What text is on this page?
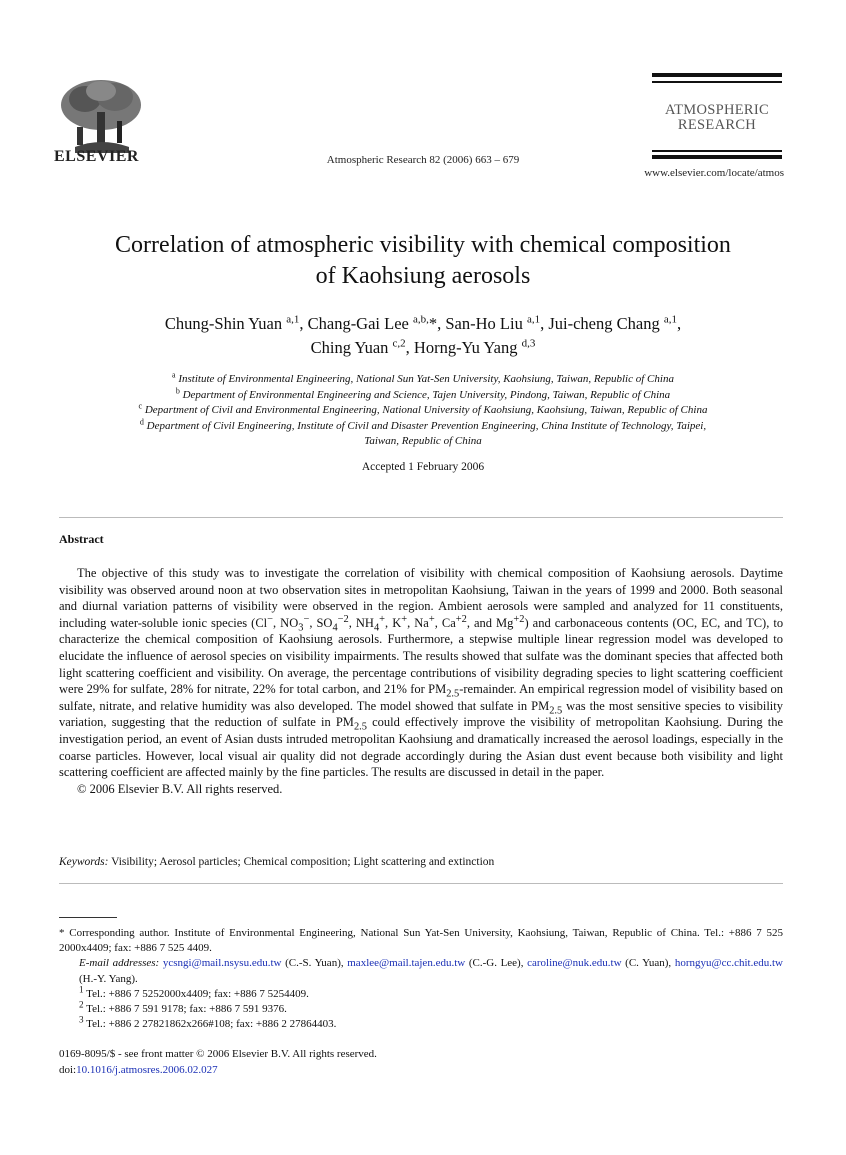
ELSEVIER	Atmospheric Research 82 (2006) 663 – 679
ATMOSPHERIC
RESEARCH
www.elsevier.com/locate/atmos
Correlation of atmospheric visibility with chemical composition
of Kaohsiung aerosols
Chung-Shin Yuan $^{a,1}$, Chang-Gai Lee $^{a,b,}$*, San-Ho Liu $^{a,1}$, Jui-cheng Chang $^{a,1}$,
Ching Yuan $^{c,2}$, Horng-Yu Yang $^{d,3}$
$^a$ Institute of Environmental Engineering, National Sun Yat-Sen University, Kaohsiung, Taiwan, Republic of China
$^b$ Department of Environmental Engineering and Science, Tajen University, Pindong, Taiwan, Republic of China
$^c$ Department of Civil and Environmental Engineering, National University of Kaohsiung, Kaohsiung, Taiwan, Republic of China
$^d$ Department of Civil Engineering, Institute of Civil and Disaster Prevention Engineering, China Institute of Technology, Taipei,
Taiwan, Republic of China
Accepted 1 February 2006
Abstract

The objective of this study was to investigate the correlation of visibility with chemical composition of Kaohsiung aerosols. Daytime visibility was observed around noon at two observation sites in metropolitan Kaohsiung, Taiwan in the years of 1999 and 2000. Both seasonal and diurnal variation patterns of visibility were observed in the region. Ambient aerosols were sampled and analyzed for 11 constituents, including water-soluble ionic species (Cl−, $NO_3^-$, $SO_4^{-2}$, $NH_4^+$, K+, Na+, $Ca^{+2}$, and $Mg^{+2}$) and carbonaceous contents (OC, EC, and TC), to characterize the chemical composition of Kaohsiung aerosols. Furthermore, a stepwise multiple linear regression model was developed to elucidate the influence of aerosol species on visibility impairments. The results showed that sulfate was the dominant species that affected both light scattering coefficient and visibility. On average, the percentage contributions of visibility degrading species to light scattering coefficient were 29% for sulfate, 28% for nitrate, 22% for total carbon, and 21% for $PM_{2.5}$-remainder. An empirical regression model of visibility based on sulfate, nitrate, and relative humidity was also developed. The model showed that sulfate in $PM_{2.5}$ was the most sensitive species to visibility variation, suggesting that the reduction of sulfate in $PM_{2.5}$ could effectively improve the visibility of metropolitan Kaohsiung. During the investigation period, an event of Asian dusts intruded metropolitan Kaohsiung and dramatically increased the aerosol loadings, especially in the coarse particles. However, local visual air quality did not degrade accordingly during the Asian dust event because both visibility and light scattering coefficient are affected mainly by the fine particles. The results are discussed in detail in the paper.

© 2006 Elsevier B.V. All rights reserved.

Keywords: Visibility; Aerosol particles; Chemical composition; Light scattering and extinction

* Corresponding author. Institute of Environmental Engineering, National Sun Yat-Sen University, Kaohsiung, Taiwan, Republic of China. Tel.: +886 7 525 2000x4409; fax: +886 7 525 4409.

E-mail addresses: ycsngi@mail.nsysu.edu.tw (C.-S. Yuan), maxlee@mail.tajen.edu.tw (C.-G. Lee), caroline@nuk.edu.tw (C. Yuan), horngyu@cc.chit.edu.tw (H.-Y. Yang).

$^1$ Tel.: +886 7 5252000x4409; fax: +886 7 5254409.

$^2$ Tel.: +886 7 591 9178; fax: +886 7 591 9376.

$^3$ Tel.: +886 2 27821862x266#108; fax: +886 2 27864403.

0169-8095/$ - see front matter © 2006 Elsevier B.V. All rights reserved.
doi:10.1016/j.atmosres.2006.02.027
